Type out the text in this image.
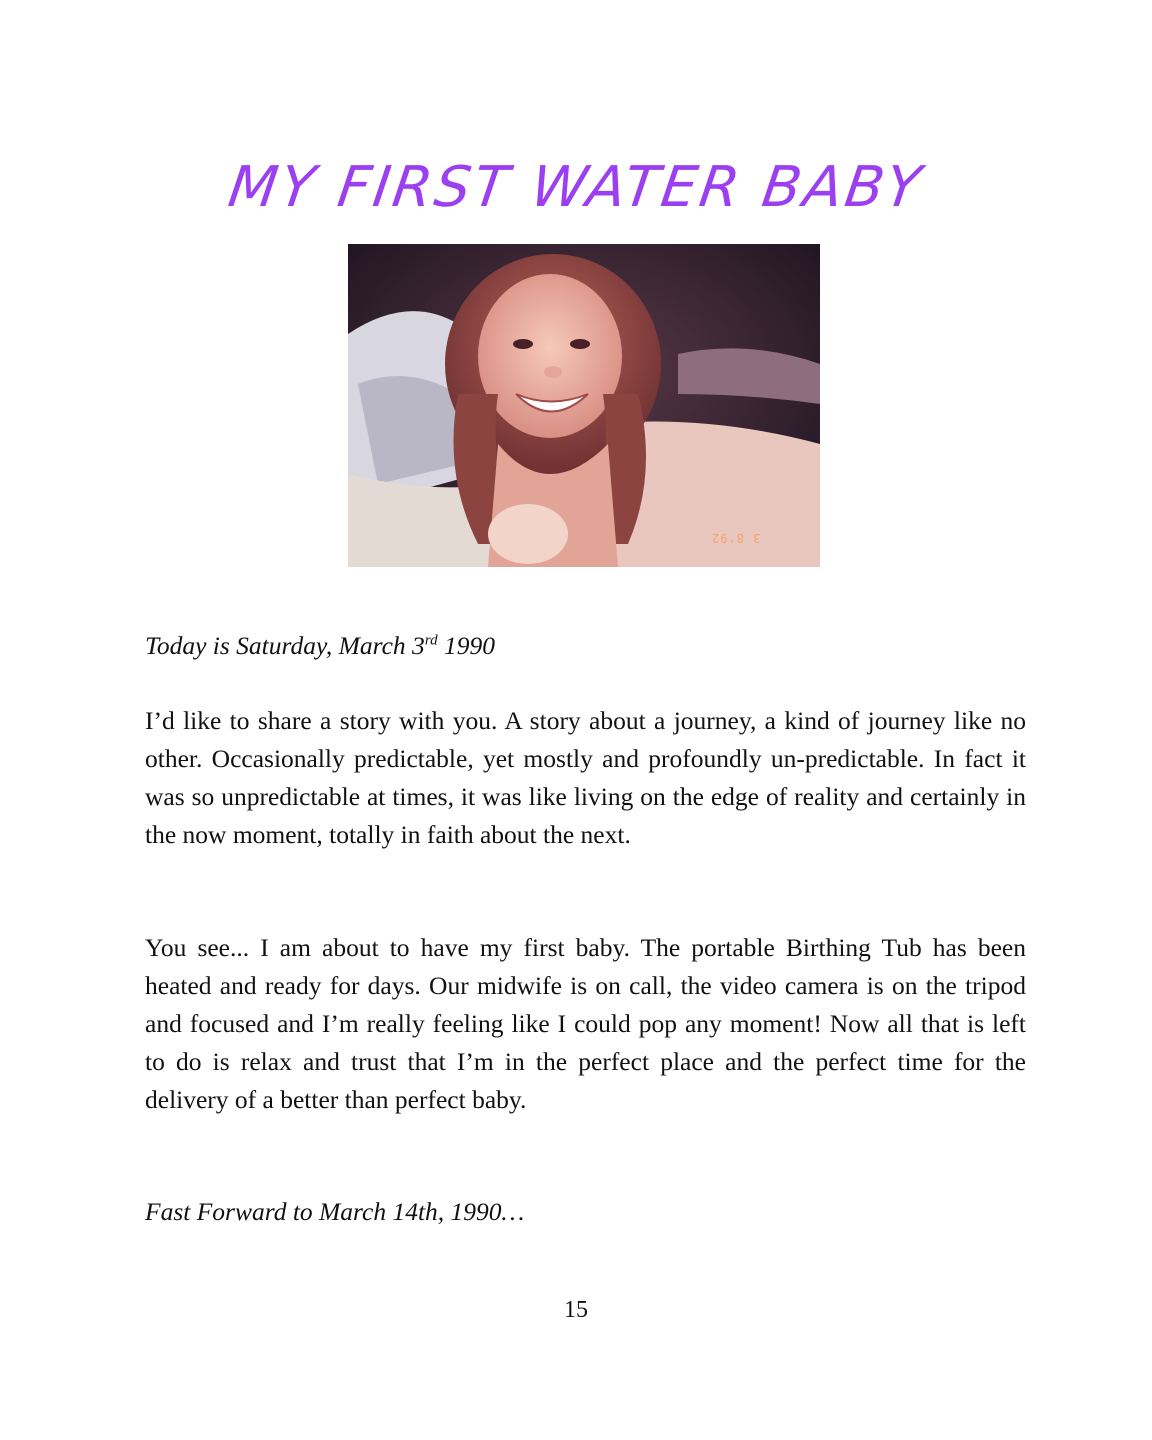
MY FIRST WATER BABY
3 8'92
Today is Saturday, March 3rd 1990

I’d like to share a story with you. A story about a journey, a kind of journey like no other. Occasionally predictable, yet mostly and profoundly un-predictable. In fact it was so unpredictable at times, it was like living on the edge of reality and certainly in the now moment, totally in faith about the next.

You see... I am about to have my first baby. The portable Birthing Tub has been heated and ready for days. Our midwife is on call, the video camera is on the tripod and focused and I’m really feeling like I could pop any moment! Now all that is left to do is relax and trust that I’m in the perfect place and the perfect time for the delivery of a better than perfect baby.

Fast Forward to March 14th, 1990…
15
